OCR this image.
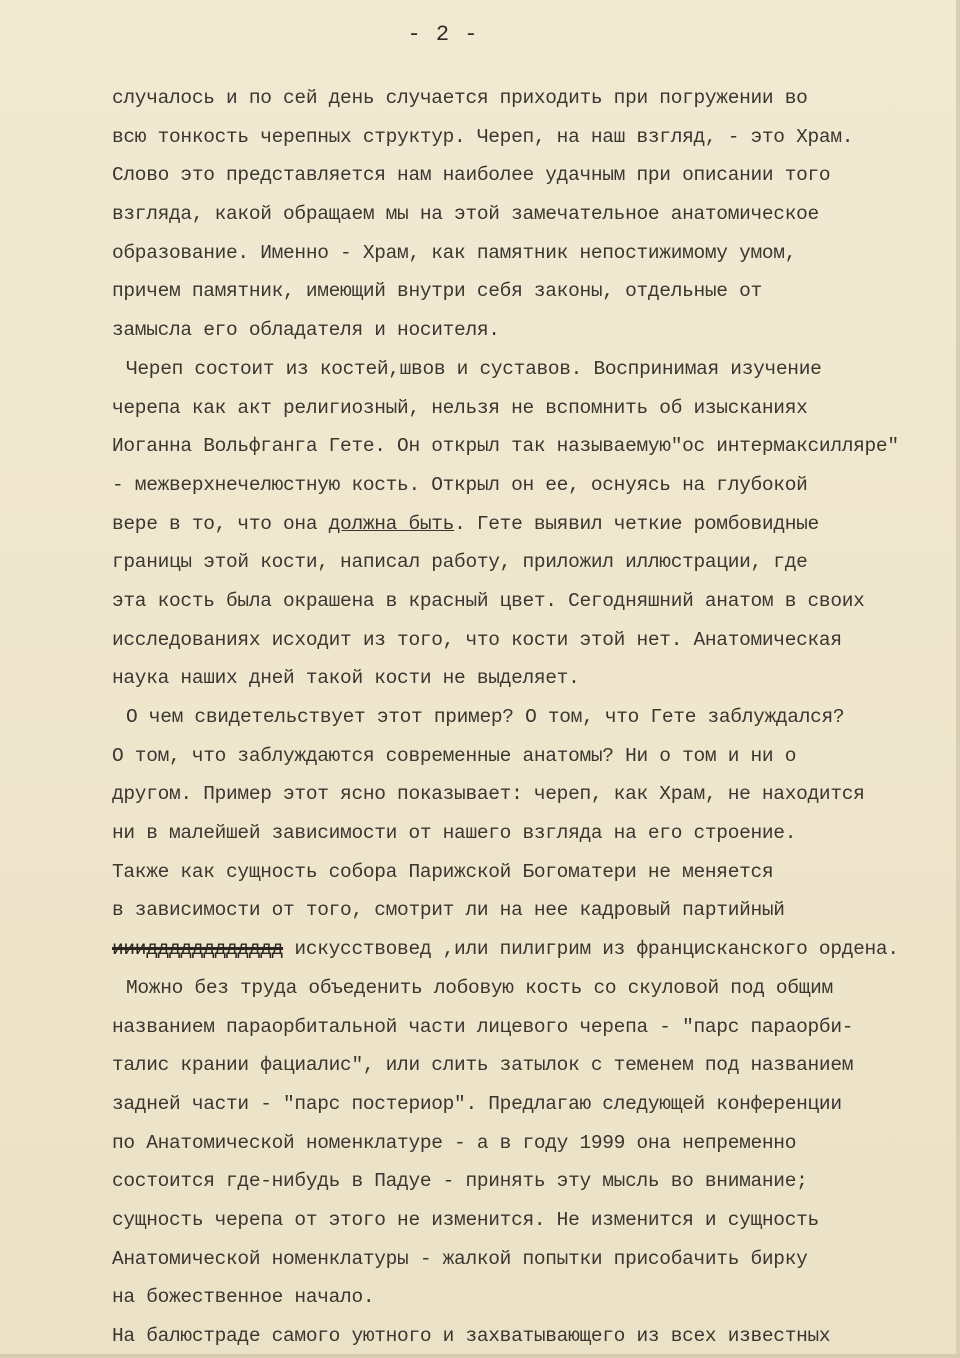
- 2 -
случалось и по сей день случается приходить при погружении во
всю тонкость черепных структур. Череп, на наш взгляд, - это Храм.
Слово это представляется нам наиболее удачным при описании того
взгляда, какой обращаем мы на этой замечательное анатомическое
образование. Именно - Храм, как памятник непостижимому умом,
причем памятник, имеющий внутри себя законы, отдельные от
замысла его обладателя и носителя.
Череп состоит из костей,швов и суставов. Воспринимая изучение
черепа как акт религиозный, нельзя не вспомнить об изысканиях
Иоганна Вольфганга Гете. Он открыл так называемую"ос интермаксилляре"
- межверхнечелюстную кость. Открыл он ее, оснуясь на глубокой
вере в то, что она должна быть. Гете выявил четкие ромбовидные
границы этой кости, написал работу, приложил иллюстрации, где
эта кость была окрашена в красный цвет. Сегодняшний анатом в своих
исследованиях исходит из того, что кости этой нет. Анатомическая
наука наших дней такой кости не выделяет.
О чем свидетельствует этот пример? О том, что Гете заблуждался?
О том, что заблуждаются современные анатомы? Ни о том и ни о
другом. Пример этот ясно показывает: череп, как Храм, не находится
ни в малейшей зависимости от нашего взгляда на его строение.
Также как сущность собора Парижской Богоматери не меняется
в зависимости от того, смотрит ли на нее кадровый партийный
ииидддддддддддд искусствовед ,или пилигрим из францисканского ордена.
Можно без труда объеденить лобовую кость со скуловой под общим
названием параорбитальной части лицевого черепа - "парс параорби-
талис крании фациалис", или слить затылок с теменем под названием
задней части - "парс постериор". Предлагаю следующей конференции
по Анатомической номенклатуре - а в году 1999 она непременно
состоится где-нибудь в Падуе - принять эту мысль во внимание;
сущность черепа от этого не изменится. Не изменится и сущность
Анатомической номенклатуры - жалкой попытки присобачить бирку
на божественное начало.
На балюстраде самого уютного и захватывающего из всех известных
